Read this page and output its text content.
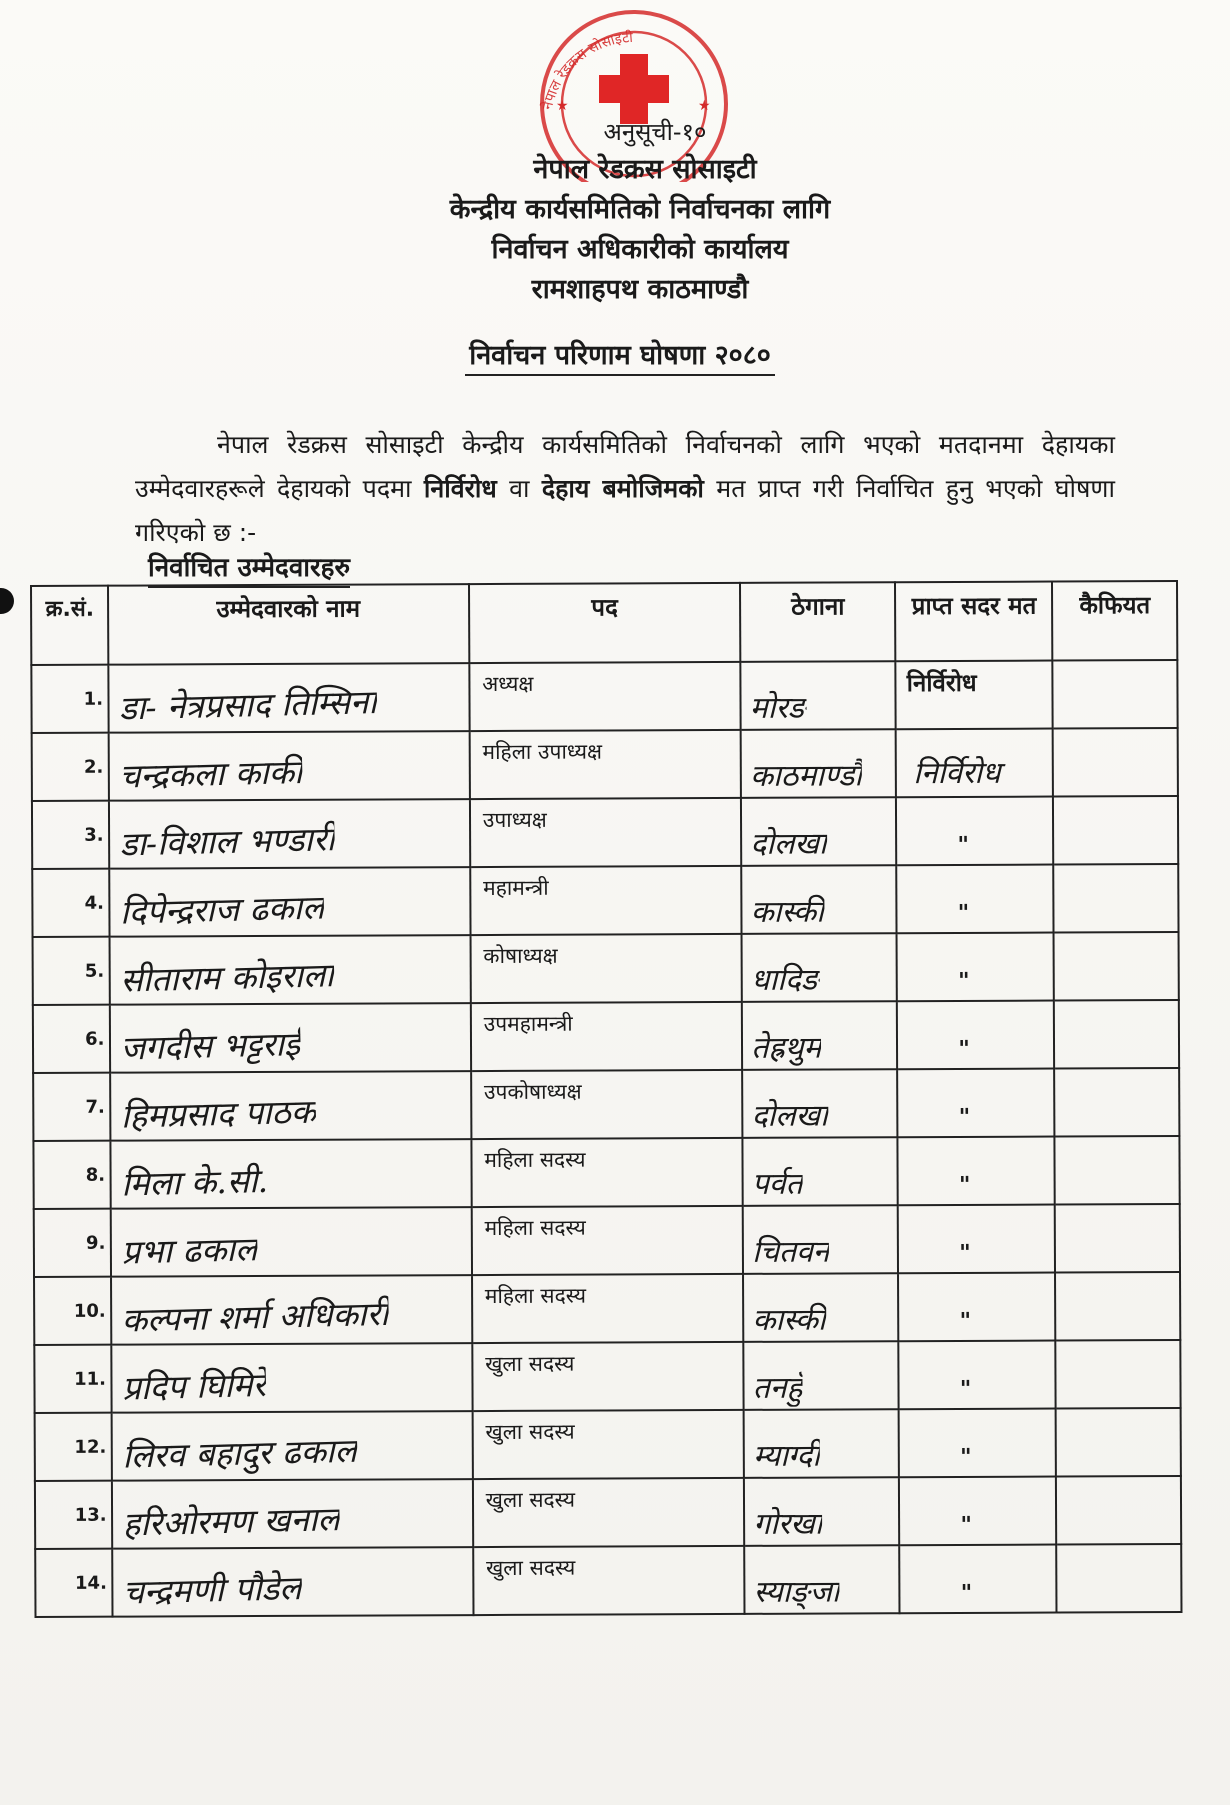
नेपाल रेडक्रस सोसाइटी
★	★
अनुसूची-१०
नेपाल रेडक्रस सोसाइटी
केन्द्रीय कार्यसमितिको निर्वाचनका लागि
निर्वाचन अधिकारीको कार्यालय
रामशाहपथ काठमाण्डौ
निर्वाचन परिणाम घोषणा २०८०

नेपाल रेडक्रस सोसाइटी केन्द्रीय कार्यसमितिको निर्वाचनको लागि भएको मतदानमा देहायका उम्मेदवारहरूले देहायको पदमा निर्विरोध वा देहाय बमोजिमको मत प्राप्त गरी निर्वाचित हुनु भएको घोषणा गरिएको छ :-

निर्वाचित उम्मेदवारहरु
क्र.सं.	उम्मेदवारको नाम	पद	ठेगाना	प्राप्त सदर मत	कैफियत
1.	डा- नेत्रप्रसाद तिम्सिना	अध्यक्ष	मोरङ	निर्विरोध	

2.	चन्द्रकला कार्की	महिला उपाध्यक्ष	काठमाण्डौं	निर्विरोध	

3.	डा-विशाल भण्डारी	उपाध्यक्ष	दोलखा	"	

4.	दिपेन्द्रराज ढकाल	महामन्त्री	कास्की	"	

5.	सीताराम कोइराला	कोषाध्यक्ष	धादिङ	"	

6.	जगदीस भट्टराई	उपमहामन्त्री	तेह्रथुम	"	

7.	हिमप्रसाद पाठक	उपकोषाध्यक्ष	दोलखा	"	

8.	मिला के.सी.	महिला सदस्य	पर्वत	"	

9.	प्रभा ढकाल	महिला सदस्य	चितवन	"	

10.	कल्पना शर्मा अधिकारी	महिला सदस्य	कास्की	"	

11.	प्रदिप घिमिरे	खुला सदस्य	तनहुँ	"	

12.	लिरव बहादुर ढकाल	खुला सदस्य	म्याग्दी	"	

13.	हरिओरमण खनाल	खुला सदस्य	गोरखा	"	

14.	चन्द्रमणी पौडेल	खुला सदस्य	स्याङ्जा	"	
